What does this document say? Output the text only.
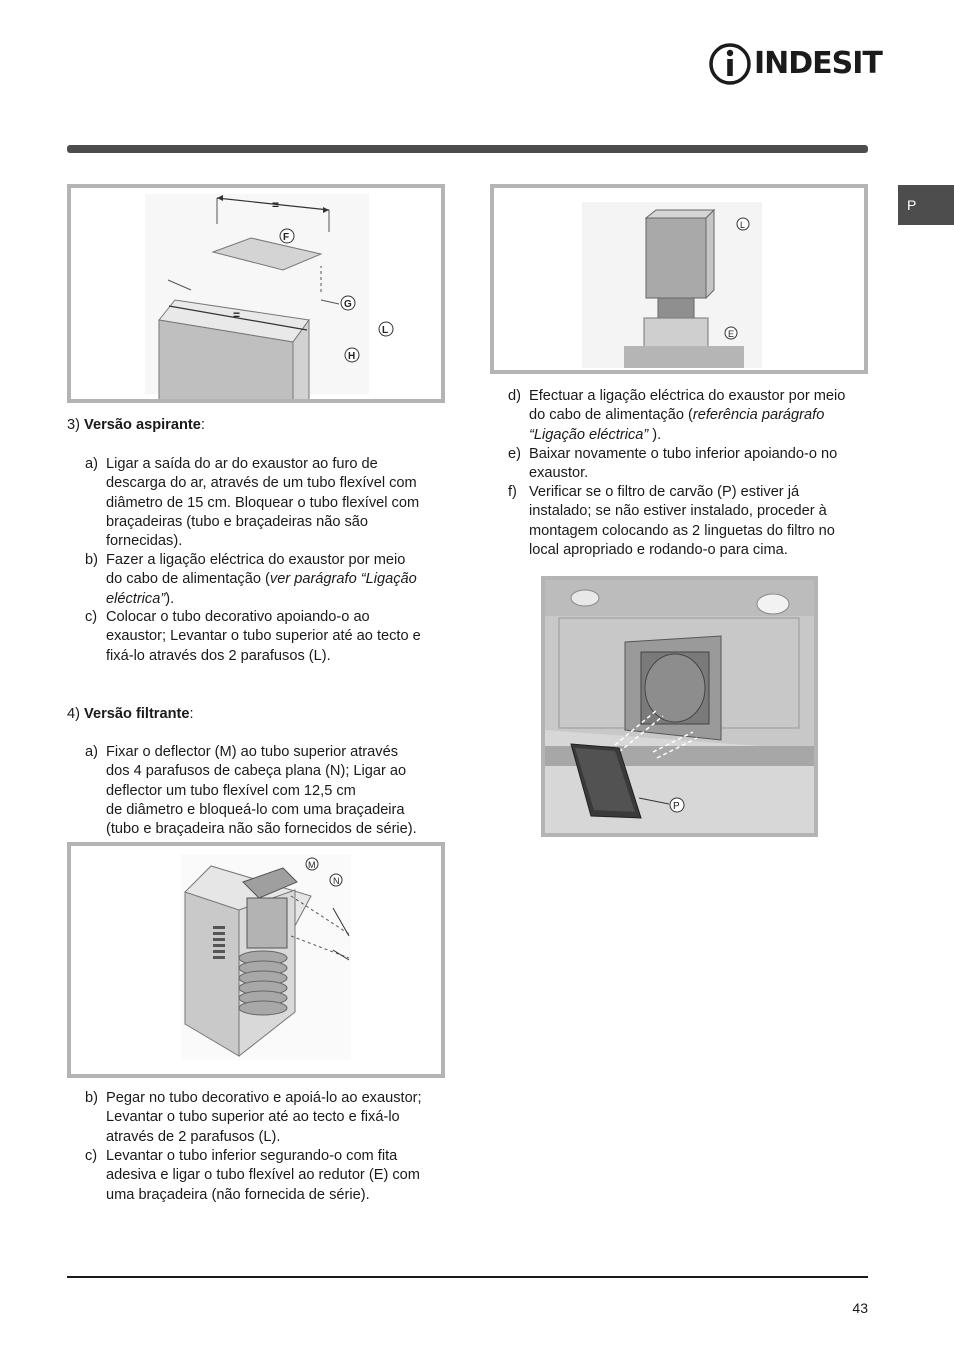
INDESIT
P
=
=
F
G
L
H
L
E
3) Versão aspirante:
a) Ligar a saída do ar do exaustor ao furo de
descarga do ar, através de um tubo flexível com
diâmetro de 15 cm. Bloquear o tubo flexível com
braçadeiras (tubo e braçadeiras não são
fornecidas).
b) Fazer a ligação eléctrica do exaustor por meio
do cabo de alimentação (ver parágrafo “Ligação
eléctrica”).
c) Colocar o tubo decorativo apoiando-o ao
exaustor; Levantar o tubo superior até ao tecto e
fixá-lo através dos 2 parafusos (L).
4) Versão filtrante:
a) Fixar o deflector (M) ao tubo superior através
dos 4 parafusos de cabeça plana (N); Ligar ao
deflector um tubo flexível com 12,5 cm
de diâmetro e bloqueá-lo com uma braçadeira
(tubo e braçadeira não são fornecidos de série).
M
N
b) Pegar no tubo decorativo e apoiá-lo ao exaustor;
Levantar o tubo superior até ao tecto e fixá-lo
através de 2 parafusos (L).
c) Levantar o tubo inferior segurando-o com fita
adesiva e ligar o tubo flexível ao redutor (E) com
uma braçadeira (não fornecida de série).
d) Efectuar a ligação eléctrica do exaustor por meio
do cabo de alimentação (referência parágrafo
“Ligação eléctrica” ).
e) Baixar novamente o tubo inferior apoiando-o no
exaustor.
f) Verificar se o filtro de carvão (P) estiver já
instalado; se não estiver instalado, proceder à
montagem colocando as 2 linguetas do filtro no
local apropriado e rodando-o para cima.
P
43
